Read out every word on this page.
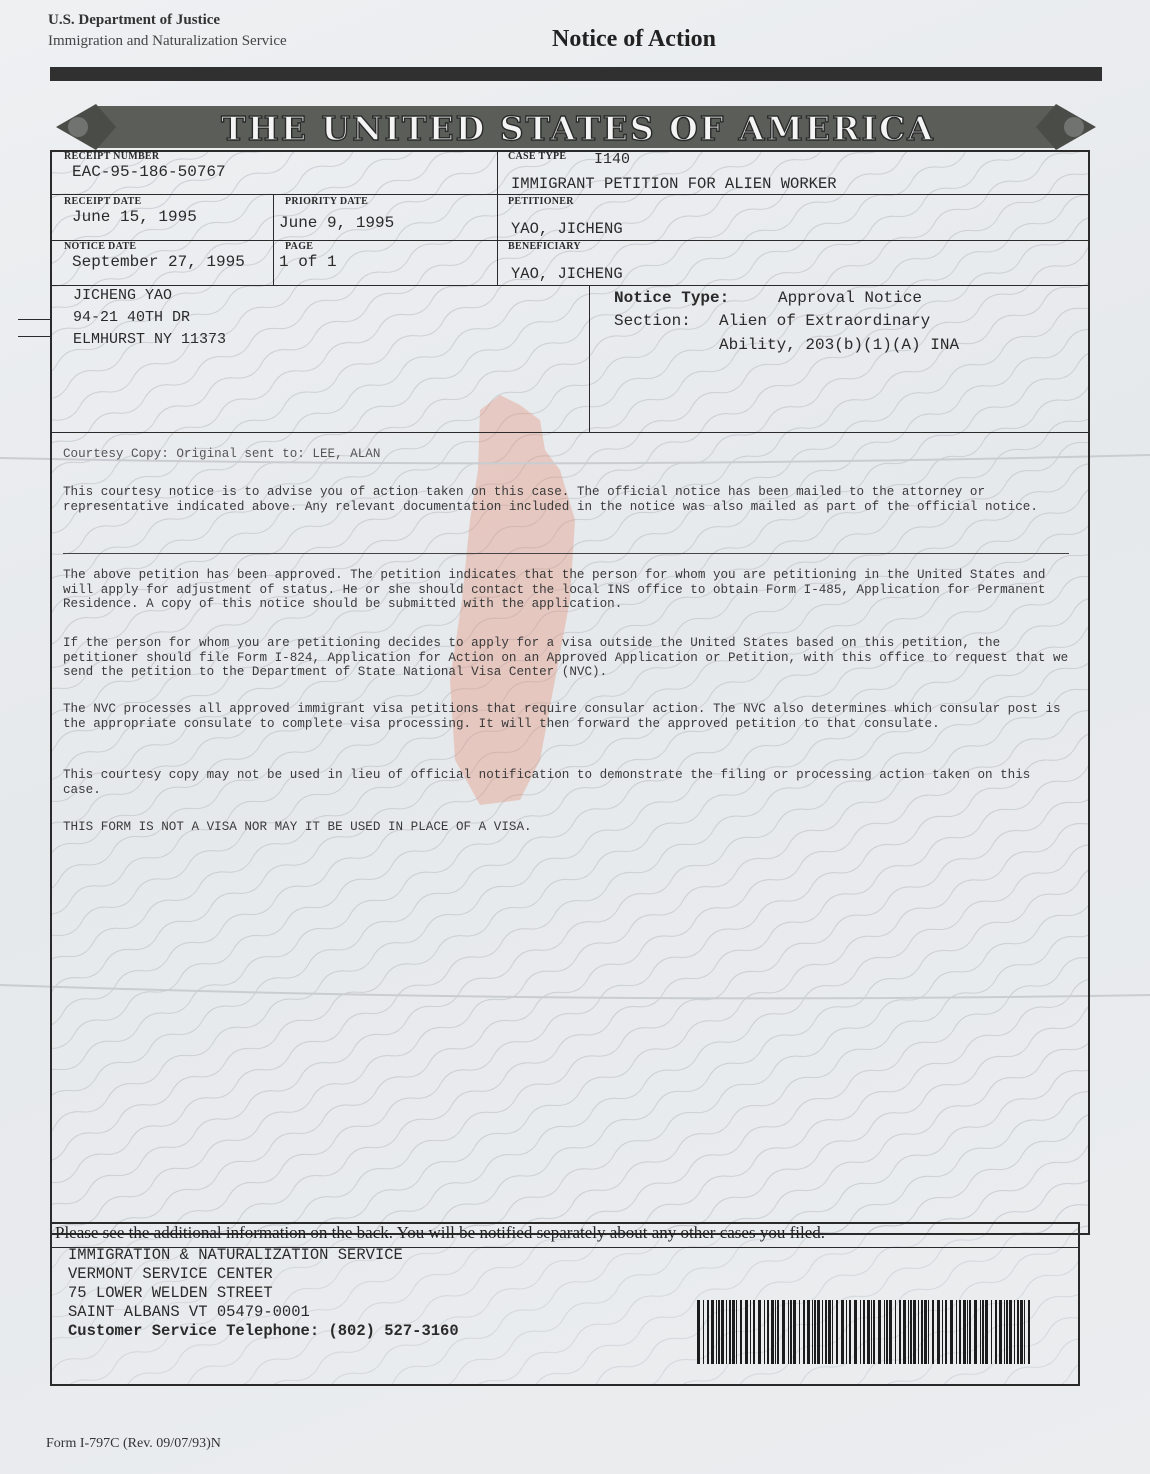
U.S. Department of Justice
Immigration and Naturalization Service	Notice of Action
THE UNITED STATES OF AMERICA
RECEIPT NUMBER
EAC-95-186-50767
CASE TYPE I140
IMMIGRANT PETITION FOR ALIEN WORKER
RECEIPT DATE
June 15, 1995
PRIORITY DATE
June 9, 1995
PETITIONER
YAO, JICHENG
NOTICE DATE
September 27, 1995
PAGE
1 of 1
BENEFICIARY
YAO, JICHENG
JICHENG YAO
94-21 40TH DR
ELMHURST NY 11373
Notice Type:	Approval Notice
Section: Alien of Extraordinary
Ability, 203(b)(1)(A) INA
Courtesy Copy: Original sent to: LEE, ALAN
This courtesy notice is to advise you of action taken on this case. The official notice has been mailed to the attorney or representative indicated above. Any relevant documentation included in the notice was also mailed as part of the official notice.
The above petition has been approved. The petition indicates that the person for whom you are petitioning in the United States and will apply for adjustment of status. He or she should contact the local INS office to obtain Form I-485, Application for Permanent Residence. A copy of this notice should be submitted with the application.
If the person for whom you are petitioning decides to apply for a visa outside the United States based on this petition, the petitioner should file Form I-824, Application for Action on an Approved Application or Petition, with this office to request that we send the petition to the Department of State National Visa Center (NVC).
The NVC processes all approved immigrant visa petitions that require consular action. The NVC also determines which consular post is the appropriate consulate to complete visa processing. It will then forward the approved petition to that consulate.
This courtesy copy may not be used in lieu of official notification to demonstrate the filing or processing action taken on this case.
THIS FORM IS NOT A VISA NOR MAY IT BE USED IN PLACE OF A VISA.
Please see the additional information on the back. You will be notified separately about any other cases you filed.
IMMIGRATION & NATURALIZATION SERVICE
VERMONT SERVICE CENTER
75 LOWER WELDEN STREET
SAINT ALBANS VT 05479-0001
Customer Service Telephone: (802) 527-3160
Form I-797C (Rev. 09/07/93)N
